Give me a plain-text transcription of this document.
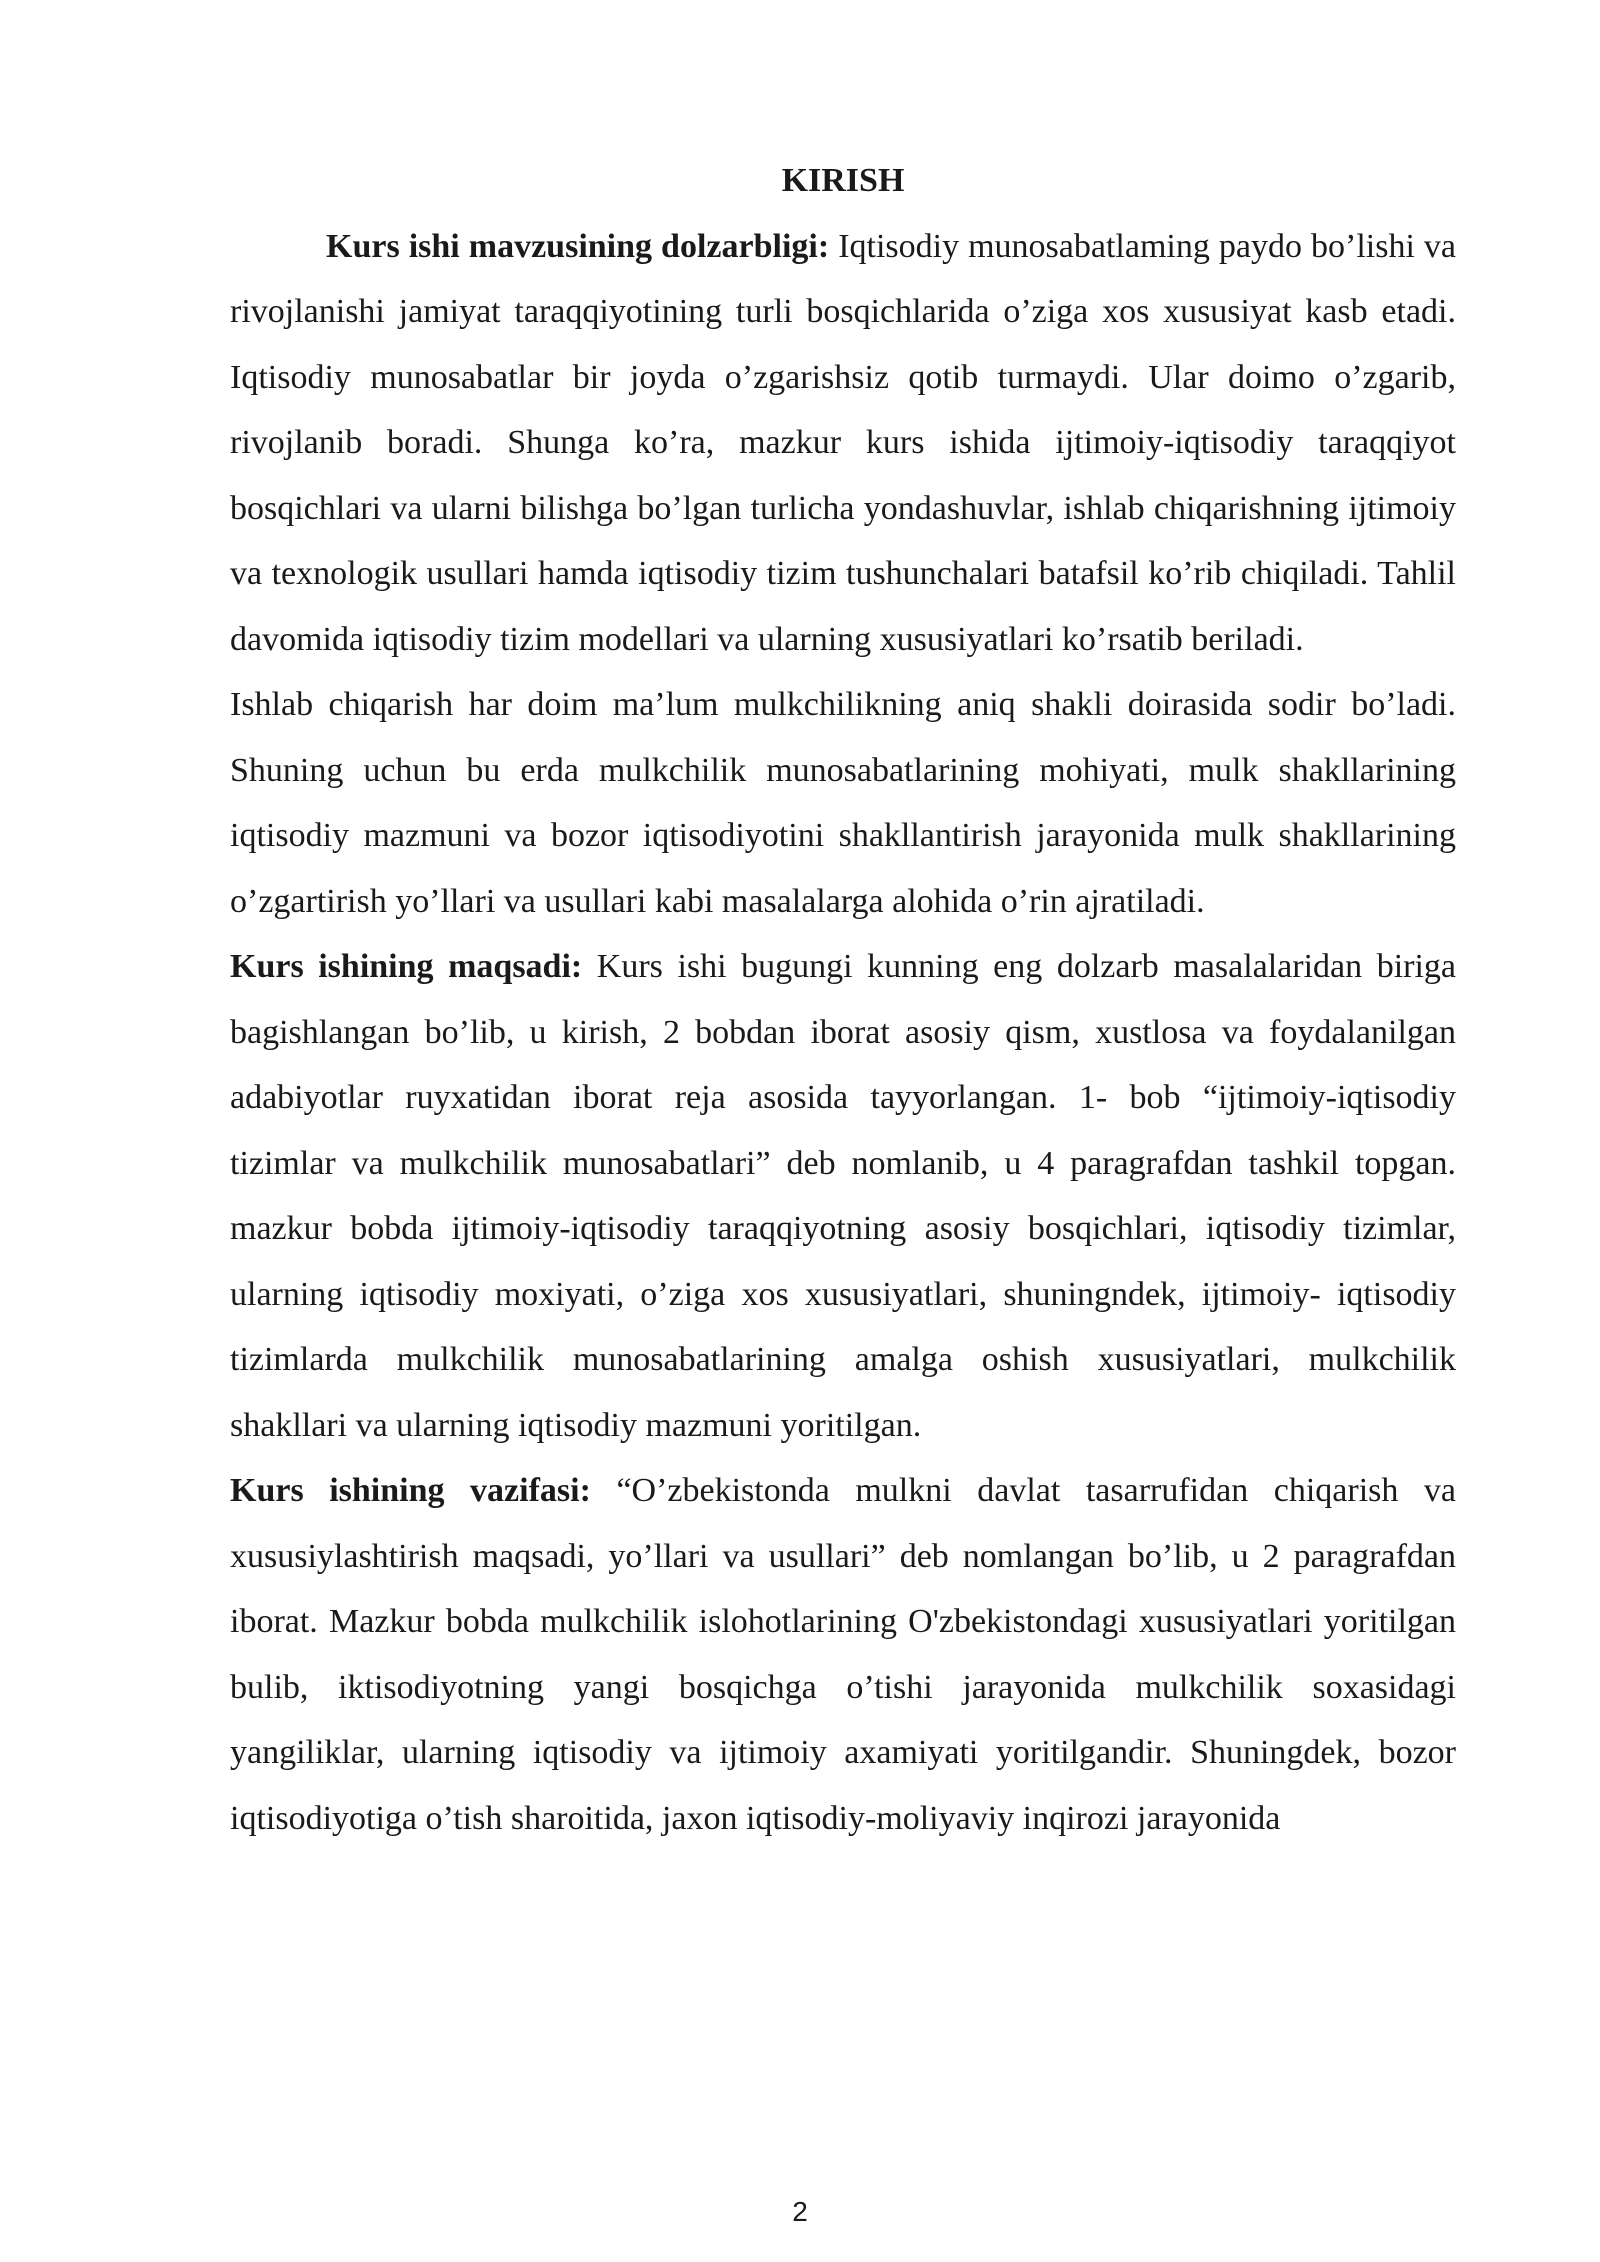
KIRISH

Kurs ishi mavzusining dolzarbligi: Iqtisodiy munosabatlaming paydo bo’lishi va rivojlanishi jamiyat taraqqiyotining turli bosqichlarida o’ziga xos xususiyat kasb etadi. Iqtisodiy munosabatlar bir joyda o’zgarishsiz qotib turmaydi. Ular doimo o’zgarib, rivojlanib boradi. Shunga ko’ra, mazkur kurs ishida ijtimoiy-iqtisodiy taraqqiyot bosqichlari va ularni bilishga bo’lgan turlicha yondashuvlar, ishlab chiqarishning ijtimoiy va texnologik usullari hamda iqtisodiy tizim tushunchalari batafsil ko’rib chiqiladi. Tahlil davomida iqtisodiy tizim modellari va ularning xususiyatlari ko’rsatib beriladi.

Ishlab chiqarish har doim ma’lum mulkchilikning aniq shakli doirasida sodir bo’ladi. Shuning uchun bu erda mulkchilik munosabatlarining mohiyati, mulk shakllarining iqtisodiy mazmuni va bozor iqtisodiyotini shakllantirish jarayonida mulk shakllarining o’zgartirish yo’llari va usullari kabi masalalarga alohida o’rin ajratiladi.

Kurs ishining maqsadi: Kurs ishi bugungi kunning eng dolzarb masalalaridan biriga bagishlangan bo’lib, u kirish, 2 bobdan iborat asosiy qism, xustlosa va foydalanilgan adabiyotlar ruyxatidan iborat reja asosida tayyorlangan. 1- bob “ijtimoiy-iqtisodiy tizimlar va mulkchilik munosabatlari” deb nomlanib, u 4 paragrafdan tashkil topgan. mazkur bobda ijtimoiy-iqtisodiy taraqqiyotning asosiy bosqichlari, iqtisodiy tizimlar, ularning iqtisodiy moxiyati, o’ziga xos xususiyatlari, shuningndek, ijtimoiy- iqtisodiy tizimlarda mulkchilik munosabatlarining amalga oshish xususiyatlari, mulkchilik shakllari va ularning iqtisodiy mazmuni yoritilgan.

Kurs ishining vazifasi: “O’zbekistonda mulkni davlat tasarrufidan chiqarish va xususiylashtirish maqsadi, yo’llari va usullari” deb nomlangan bo’lib, u 2 paragrafdan iborat. Mazkur bobda mulkchilik islohotlarining O'zbekistondagi xususiyatlari yoritilgan bulib, iktisodiyotning yangi bosqichga o’tishi jarayonida mulkchilik soxasidagi yangiliklar, ularning iqtisodiy va ijtimoiy axamiyati yoritilgandir. Shuningdek, bozor iqtisodiyotiga o’tish sharoitida, jaxon iqtisodiy-moliyaviy inqirozi jarayonida

2
